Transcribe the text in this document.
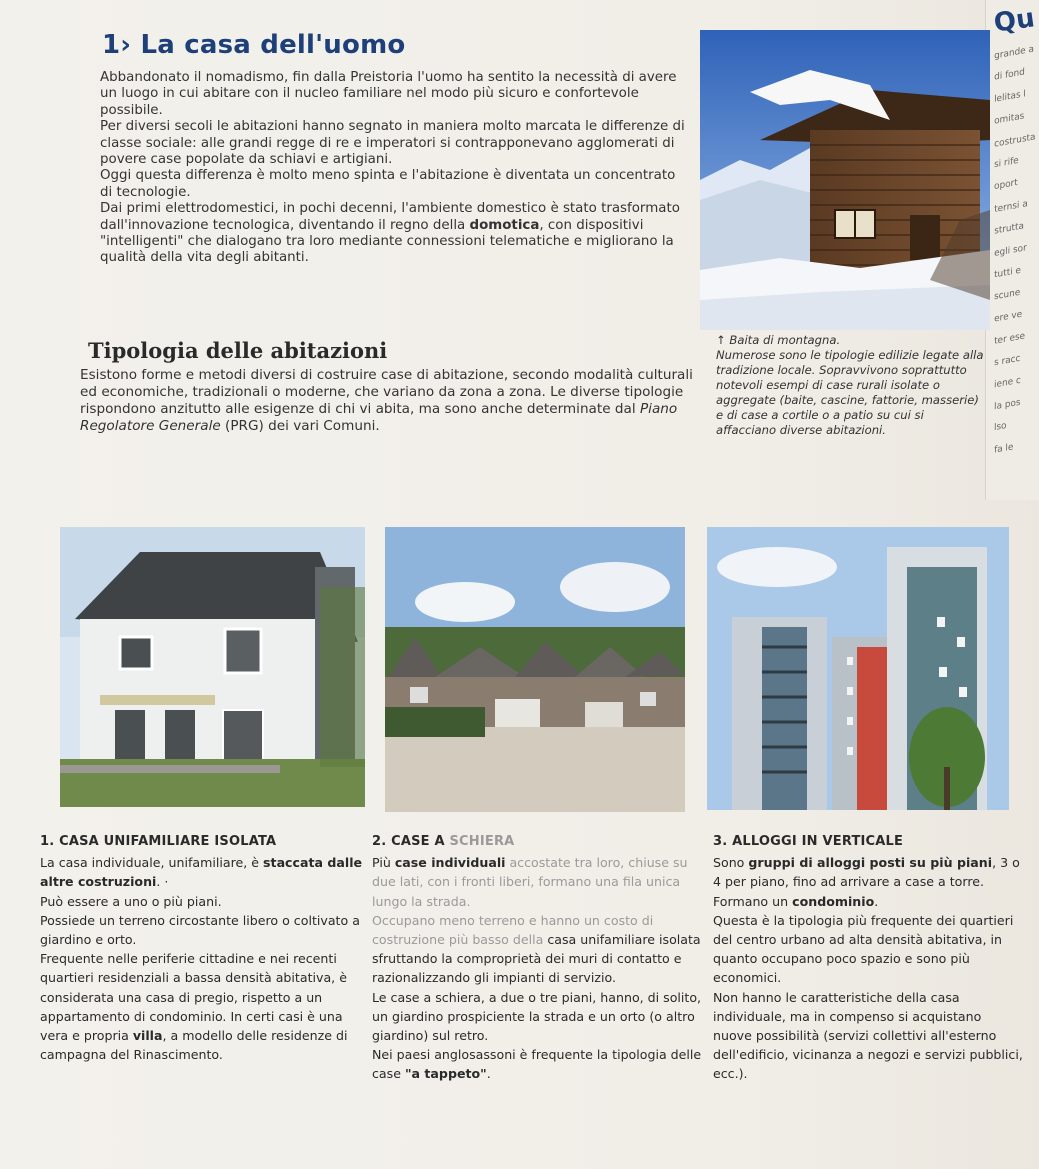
Qu
grande a
di fond
lelitas l
omitas
costrusta
si rife
oport
ternsi a
strutta
egli sor
tutti e
scune
ere ve
ter ese
s racc
iene c
la pos
lso
fa le
1› La casa dell'uomo

Abbandonato il nomadismo, fin dalla Preistoria l'uomo ha sentito la necessità di avere un luogo in cui abitare con il nucleo familiare nel modo più sicuro e confortevole possibile.

Per diversi secoli le abitazioni hanno segnato in maniera molto marcata le differenze di classe sociale: alle grandi regge di re e imperatori si contrapponevano agglomerati di povere case popolate da schiavi e artigiani.

Oggi questa differenza è molto meno spinta e l'abitazione è diventata un concentrato di tecnologie.

Dai primi elettrodomestici, in pochi decenni, l'ambiente domestico è stato trasformato dall'innovazione tecnologica, diventando il regno della domotica, con dispositivi "intelligenti" che dialogano tra loro mediante connessioni telematiche e migliorano la qualità della vita degli abitanti.

↑ Baita di montagna.
Numerose sono le tipologie edilizie legate alla tradizione locale. Sopravvivono soprattutto notevoli esempi di case rurali isolate o aggregate (baite, cascine, fattorie, masserie) e di case a cortile o a patio su cui si affacciano diverse abitazioni.
Tipologia delle abitazioni
Esistono forme e metodi diversi di costruire case di abitazione, secondo modalità culturali ed economiche, tradizionali o moderne, che variano da zona a zona. Le diverse tipologie rispondono anzitutto alle esigenze di chi vi abita, ma sono anche determinate dal Piano Regolatore Generale (PRG) dei vari Comuni.
1. CASA UNIFAMILIARE ISOLATA

La casa individuale, unifamiliare, è staccata dalle altre costruzioni. ·

Può essere a uno o più piani.

Possiede un terreno circostante libero o coltivato a giardino e orto.

Frequente nelle periferie cittadine e nei recenti quartieri residenziali a bassa densità abitativa, è considerata una casa di pregio, rispetto a un appartamento di condominio. In certi casi è una vera e propria villa, a modello delle residenze di campagna del Rinascimento.

2. CASE A SCHIERA

Più case individuali accostate tra loro, chiuse su due lati, con i fronti liberi, formano una fila unica lungo la strada.

Occupano meno terreno e hanno un costo di costruzione più basso della casa unifamiliare isolata sfruttando la comproprietà dei muri di contatto e razionalizzando gli impianti di servizio.

Le case a schiera, a due o tre piani, hanno, di solito, un giardino prospiciente la strada e un orto (o altro giardino) sul retro.

Nei paesi anglosassoni è frequente la tipologia delle case "a tappeto".

3. ALLOGGI IN VERTICALE

Sono gruppi di alloggi posti su più piani, 3 o 4 per piano, fino ad arrivare a case a torre. Formano un condominio.

Questa è la tipologia più frequente dei quartieri del centro urbano ad alta densità abitativa, in quanto occupano poco spazio e sono più economici.

Non hanno le caratteristiche della casa individuale, ma in compenso si acquistano nuove possibilità (servizi collettivi all'esterno dell'edificio, vicinanza a negozi e servizi pubblici, ecc.).
